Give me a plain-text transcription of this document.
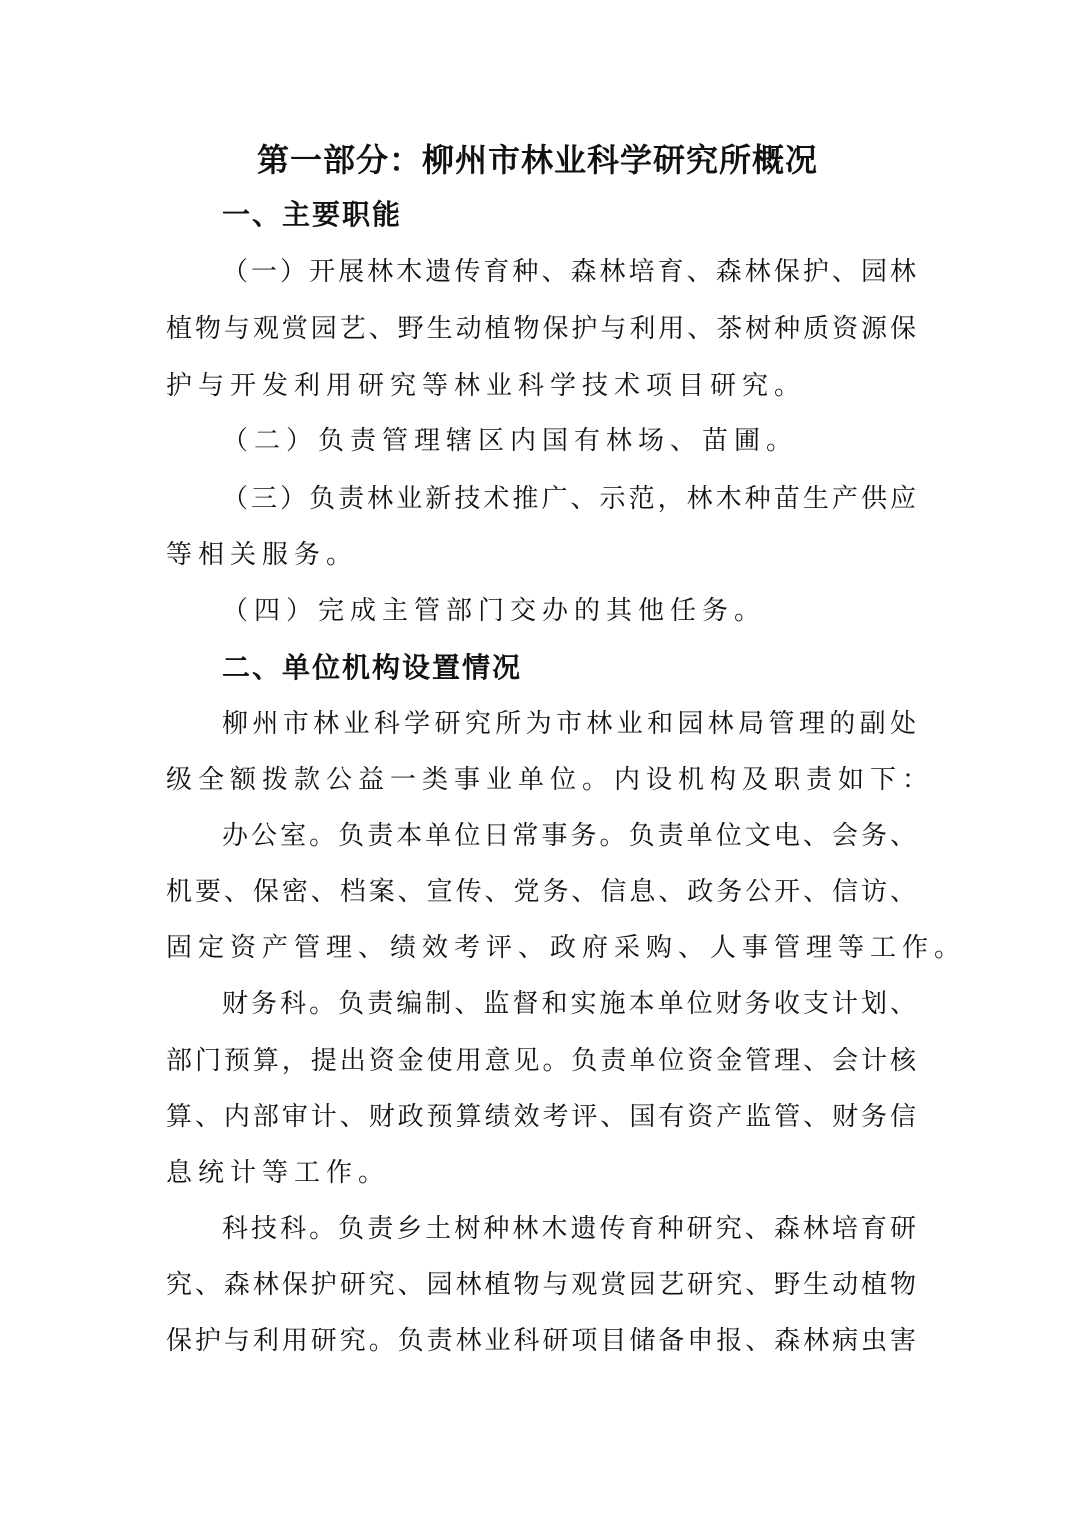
第一部分：柳州市林业科学研究所概况
一、主要职能
（一）开展林木遗传育种、森林培育、森林保护、园林
植物与观赏园艺、野生动植物保护与利用、茶树种质资源保
护与开发利用研究等林业科学技术项目研究。
（二）负责管理辖区内国有林场、苗圃。
（三）负责林业新技术推广、示范，林木种苗生产供应
等相关服务。
（四）完成主管部门交办的其他任务。
二、单位机构设置情况
柳州市林业科学研究所为市林业和园林局管理的副处
级全额拨款公益一类事业单位。内设机构及职责如下：
办公室。负责本单位日常事务。负责单位文电、会务、
机要、保密、档案、宣传、党务、信息、政务公开、信访、
固定资产管理、绩效考评、政府采购、人事管理等工作。
财务科。负责编制、监督和实施本单位财务收支计划、
部门预算，提出资金使用意见。负责单位资金管理、会计核
算、内部审计、财政预算绩效考评、国有资产监管、财务信
息统计等工作。
科技科。负责乡土树种林木遗传育种研究、森林培育研
究、森林保护研究、园林植物与观赏园艺研究、野生动植物
保护与利用研究。负责林业科研项目储备申报、森林病虫害
